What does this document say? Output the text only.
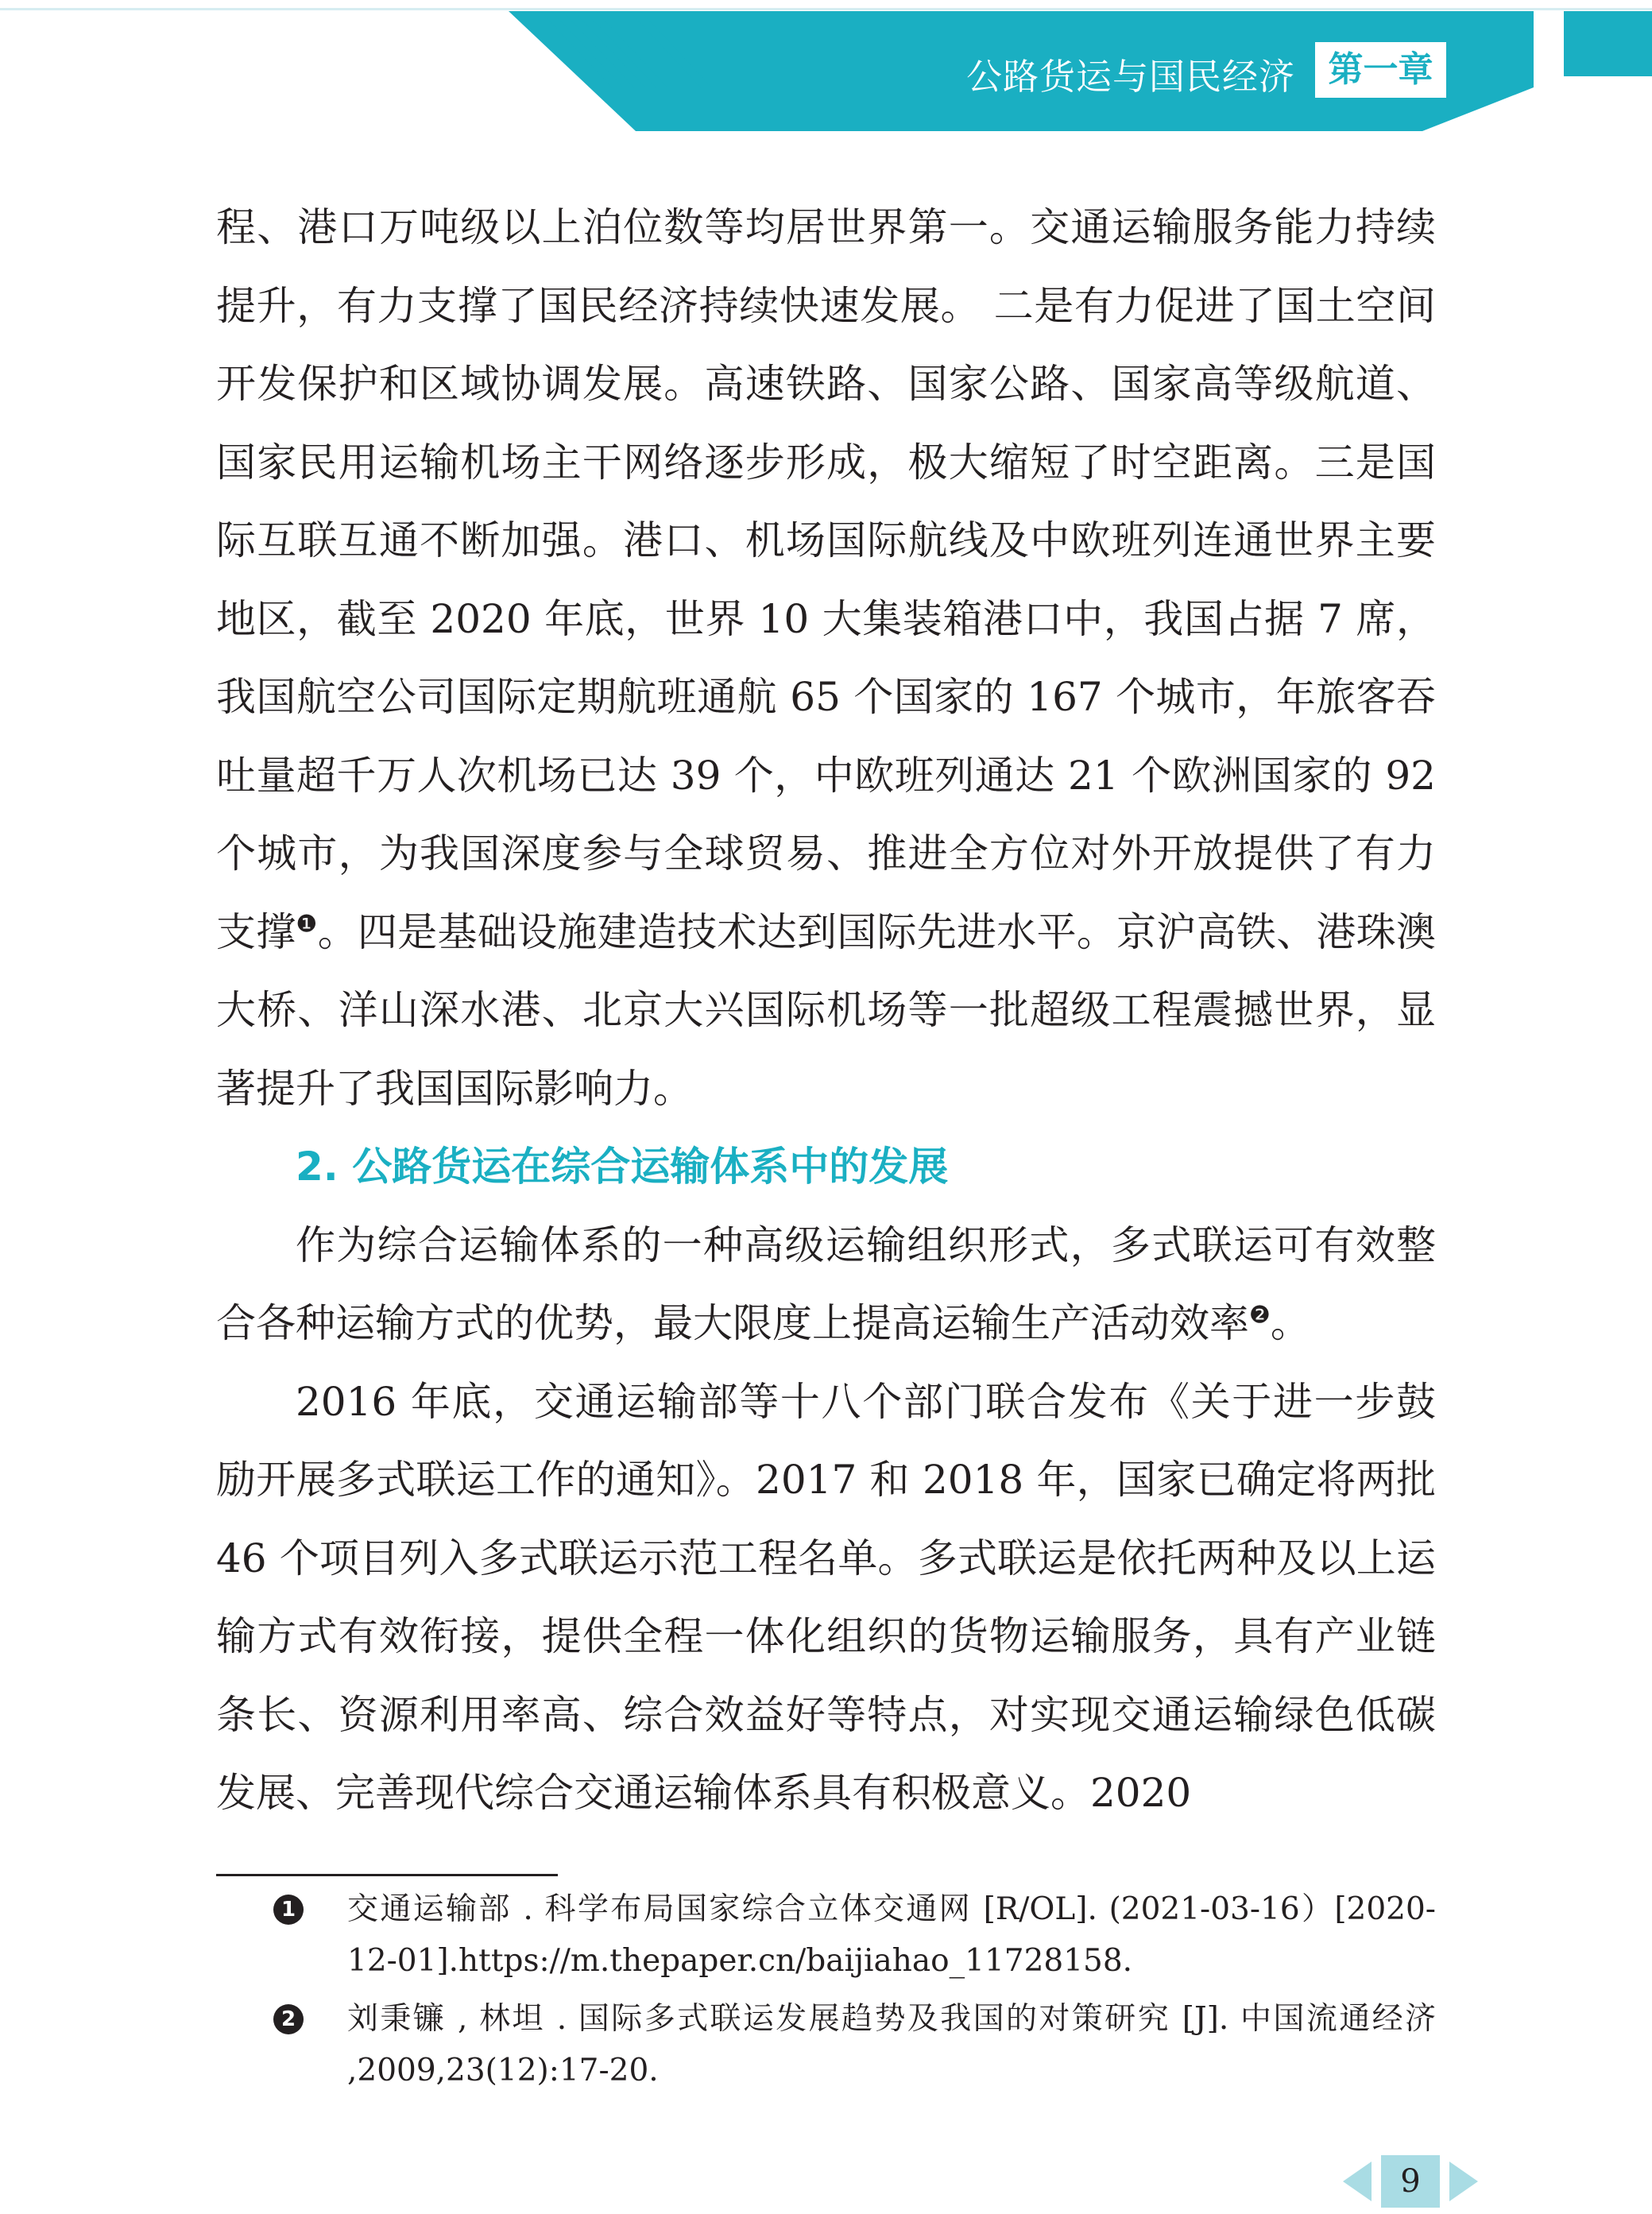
公路货运与国民经济 第一章

程、港口万吨级以上泊位数等均居世界第一。交通运输服务能力持续提升，有力支撑了国民经济持续快速发展。 二是有力促进了国土空间开发保护和区域协调发展。高速铁路、国家公路、国家高等级航道、国家民用运输机场主干网络逐步形成，极大缩短了时空距离。三是国际互联互通不断加强。港口、机场国际航线及中欧班列连通世界主要地区，截至 2020 年底，世界 10 大集装箱港口中，我国占据 7 席，我国航空公司国际定期航班通航 65 个国家的 167 个城市，年旅客吞吐量超千万人次机场已达 39 个，中欧班列通达 21 个欧洲国家的 92 个城市，为我国深度参与全球贸易、推进全方位对外开放提供了有力支撑$^❶$。四是基础设施建造技术达到国际先进水平。京沪高铁、港珠澳大桥、洋山深水港、北京大兴国际机场等一批超级工程震撼世界，显著提升了我国国际影响力。

2. 公路货运在综合运输体系中的发展

作为综合运输体系的一种高级运输组织形式，多式联运可有效整合各种运输方式的优势，最大限度上提高运输生产活动效率$^❷$。

2016 年底，交通运输部等十八个部门联合发布《关于进一步鼓励开展多式联运工作的通知》。2017 和 2018 年，国家已确定将两批 46 个项目列入多式联运示范工程名单。多式联运是依托两种及以上运输方式有效衔接，提供全程一体化组织的货物运输服务，具有产业链条长、资源利用率高、综合效益好等特点，对实现交通运输绿色低碳发展、完善现代综合交通运输体系具有积极意义。2020

1 交通运输部 . 科学布局国家综合立体交通网 [R/OL]. (2021-03-16）[2020-12-01].https://m.thepaper.cn/baijiahao_11728158.
2 刘秉镰 , 林坦 . 国际多式联运发展趋势及我国的对策研究 [J]. 中国流通经济 ,2009,23(12):17-20.
9
